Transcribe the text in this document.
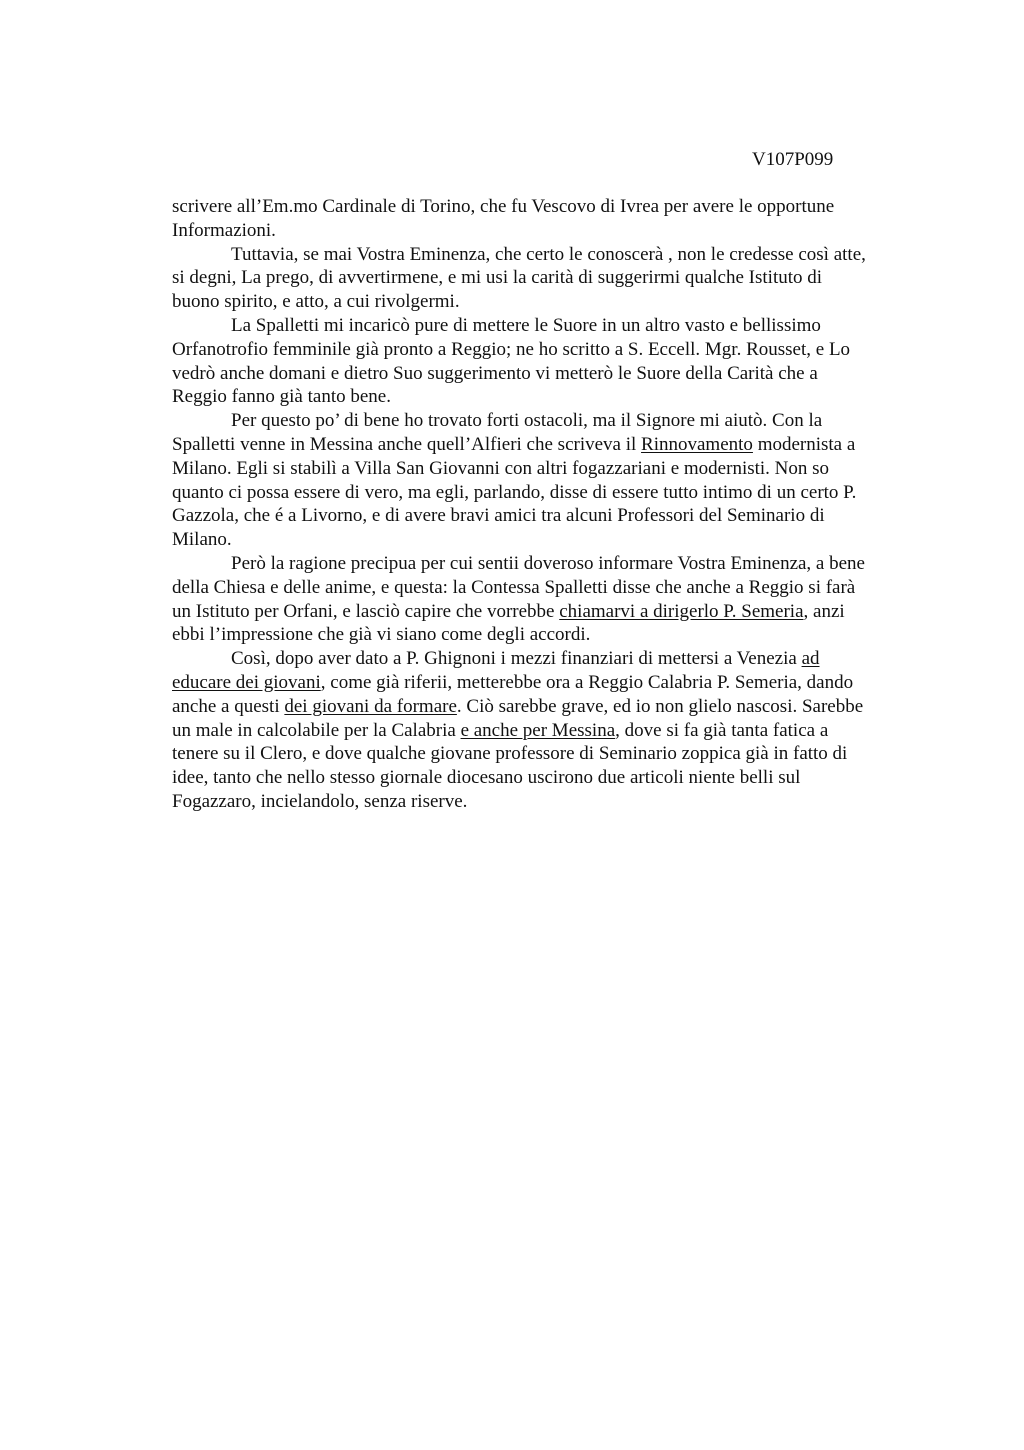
V107P099

scrivere all’Em.mo Cardinale di Torino, che fu Vescovo di Ivrea per avere le opportune
Informazioni.

Tuttavia, se mai Vostra Eminenza, che certo le conoscerà , non le credesse così atte,
si degni, La prego, di avvertirmene, e mi usi la carità di suggerirmi qualche Istituto di
buono spirito, e atto, a cui rivolgermi.

La Spalletti mi incaricò pure di mettere le Suore in un altro vasto e bellissimo
Orfanotrofio femminile già pronto a Reggio; ne ho scritto a S. Eccell. Mgr. Rousset, e Lo
vedrò anche domani e dietro Suo suggerimento vi metterò le Suore della Carità che a
Reggio fanno già tanto bene.

Per questo po’ di bene ho trovato forti ostacoli, ma il Signore mi aiutò. Con la
Spalletti venne in Messina anche quell’Alfieri che scriveva il Rinnovamento modernista a
Milano. Egli si stabilì a Villa San Giovanni con altri fogazzariani e modernisti. Non so
quanto ci possa essere di vero, ma egli, parlando, disse di essere tutto intimo di un certo P.
Gazzola, che é a Livorno, e di avere bravi amici tra alcuni Professori del Seminario di
Milano.

Però la ragione precipua per cui sentii doveroso informare Vostra Eminenza, a bene
della Chiesa e delle anime, e questa: la Contessa Spalletti disse che anche a Reggio si farà
un Istituto per Orfani, e lasciò capire che vorrebbe chiamarvi a dirigerlo P. Semeria, anzi
ebbi l’impressione che già vi siano come degli accordi.

Così, dopo aver dato a P. Ghignoni i mezzi finanziari di mettersi a Venezia ad
educare dei giovani, come già riferii, metterebbe ora a Reggio Calabria P. Semeria, dando
anche a questi dei giovani da formare. Ciò sarebbe grave, ed io non glielo nascosi. Sarebbe
un male in calcolabile per la Calabria e anche per Messina, dove si fa già tanta fatica a
tenere su il Clero, e dove qualche giovane professore di Seminario zoppica già in fatto di
idee, tanto che nello stesso giornale diocesano uscirono due articoli niente belli sul
Fogazzaro, incielandolo, senza riserve.
